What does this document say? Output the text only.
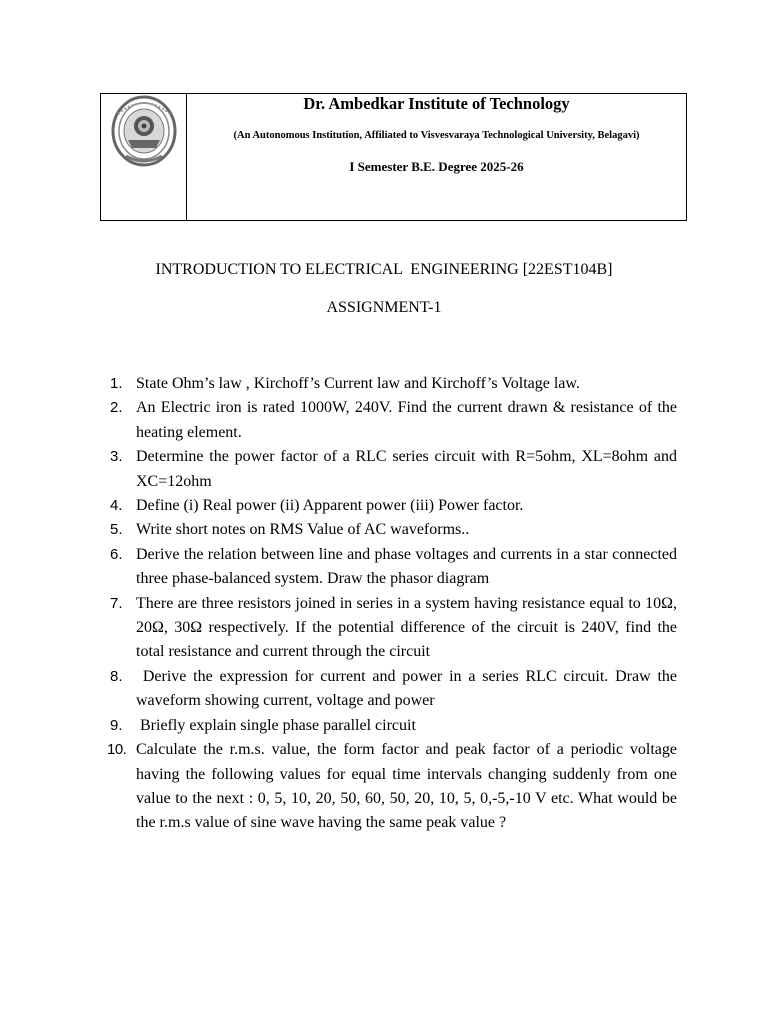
Dr. Ambedkar Institute of Technology
(An Autonomous Institution, Affiliated to Visvesvaraya Technological University, Belagavi)
I Semester B.E. Degree 2025-26
INTRODUCTION TO ELECTRICAL  ENGINEERING [22EST104B]
ASSIGNMENT-1
1. State Ohm’s law , Kirchoff’s Current law and Kirchoff’s Voltage law.
2. An Electric iron is rated 1000W, 240V. Find the current drawn & resistance of the heating element.
3. Determine the power factor of a RLC series circuit with R=5ohm, XL=8ohm and XC=12ohm
4. Define (i) Real power (ii) Apparent power (iii) Power factor.
5. Write short notes on RMS Value of AC waveforms..
6. Derive the relation between line and phase voltages and currents in a star connected three phase-balanced system. Draw the phasor diagram
7. There are three resistors joined in series in a system having resistance equal to 10Ω, 20Ω, 30Ω respectively. If the potential difference of the circuit is 240V, find the total resistance and current through the circuit
8. Derive the expression for current and power in a series RLC circuit. Draw the waveform showing current, voltage and power
9. Briefly explain single phase parallel circuit
10. Calculate the r.m.s. value, the form factor and peak factor of a periodic voltage having the following values for equal time intervals changing suddenly from one value to the next : 0, 5, 10, 20, 50, 60, 50, 20, 10, 5, 0,-5,-10 V etc. What would be the r.m.s value of sine wave having the same peak value ?
